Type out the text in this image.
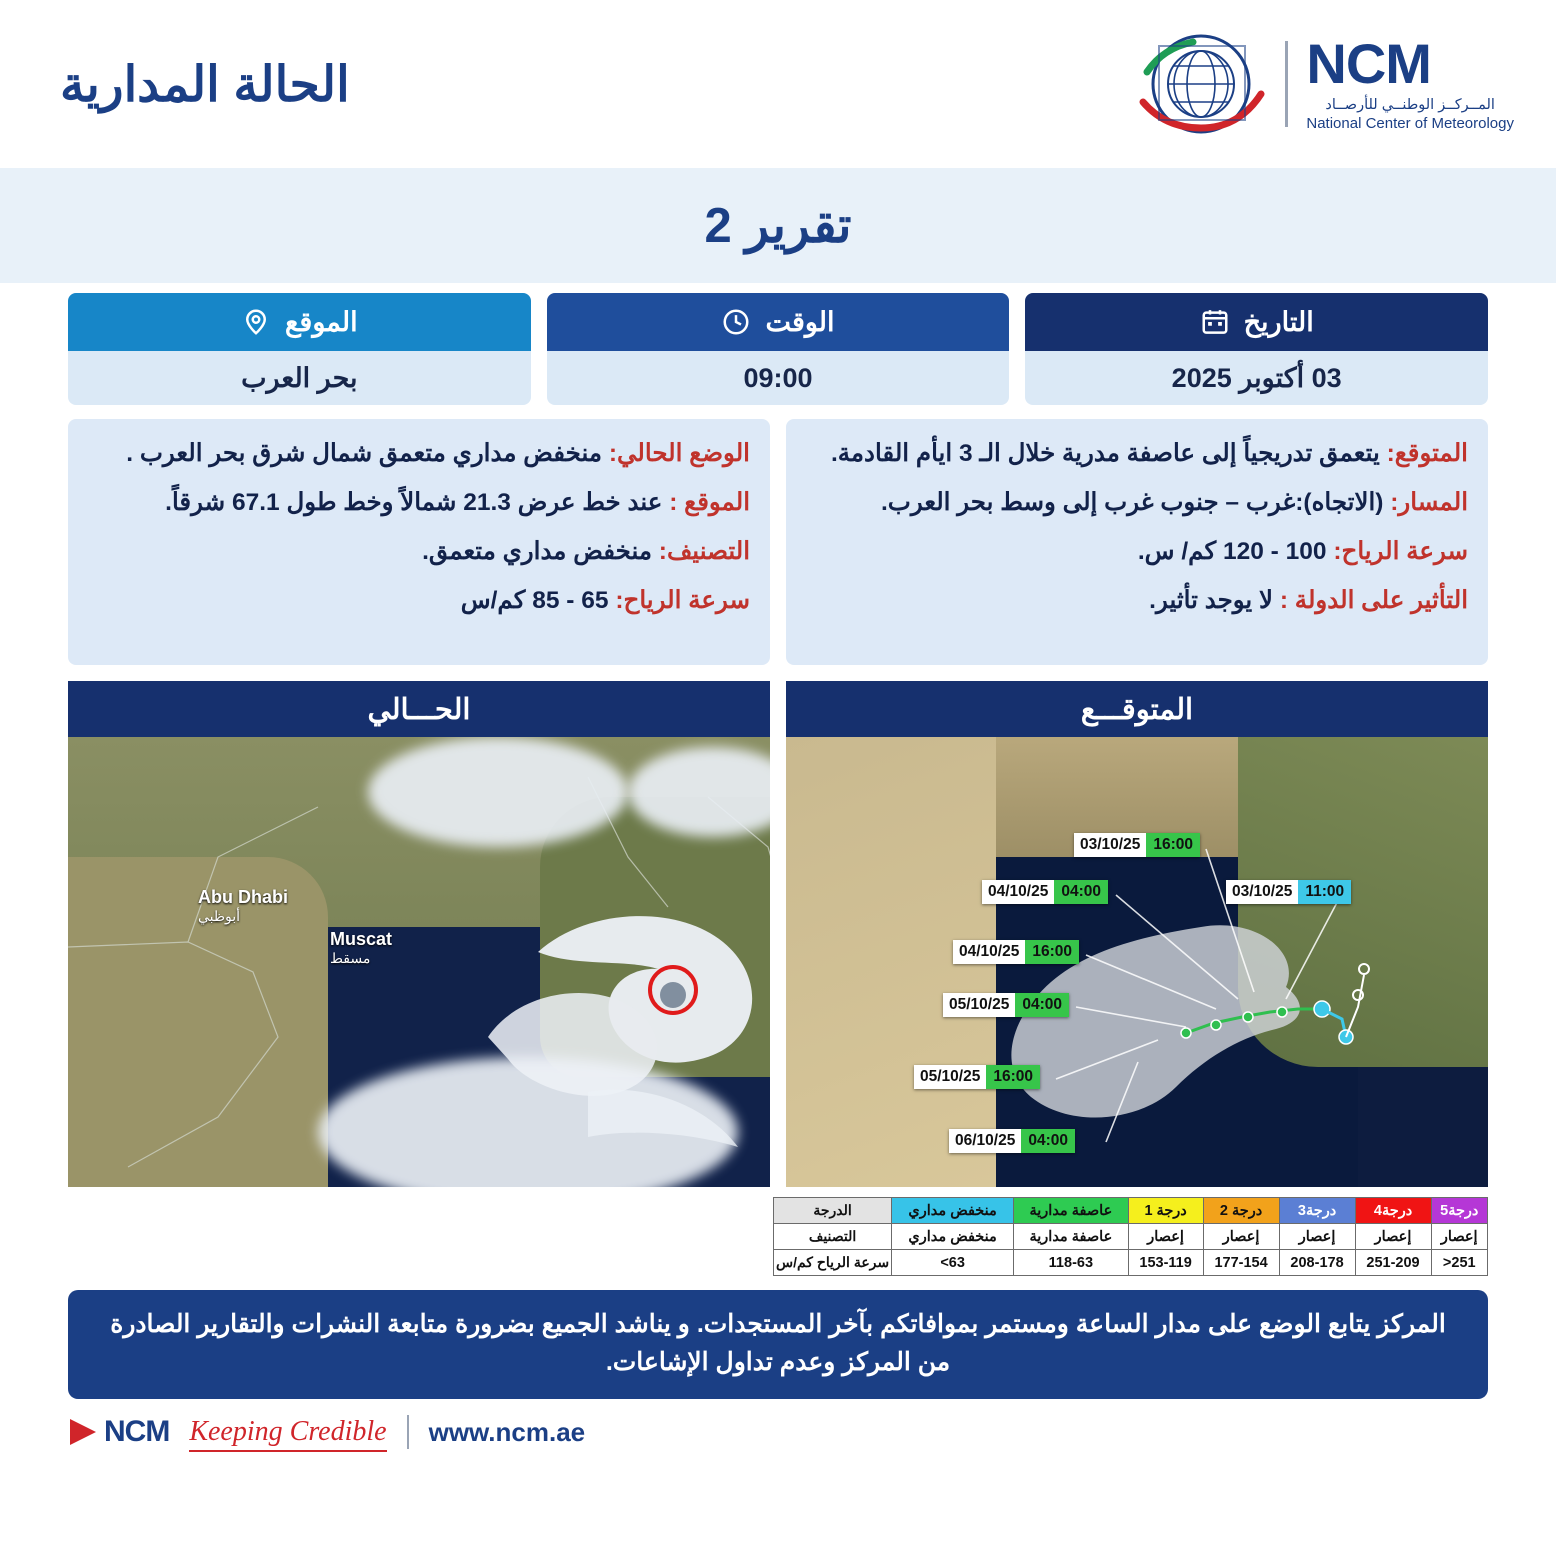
NCM
المــركــز الوطنــي للأرصــاد
National Center of Meteorology
الحالة المدارية
تقرير 2
التاريخ
03 أكتوبر 2025
الوقت
09:00
الموقع
بحر العرب

المتوقع: يتعمق تدريجياً إلى عاصفة مدرية خلال الـ 3 ايأم القادمة.

المسار: (الاتجاه):غرب – جنوب غرب إلى وسط بحر العرب.

سرعة الرياح: 100 - 120 كم/ س.

التأثير على الدولة : لا يوجد تأثير.

الوضع الحالي: منخفض مداري متعمق شمال شرق بحر العرب .

الموقع : عند خط عرض 21.3 شمالاً وخط طول 67.1 شرقاً.

التصنيف: منخفض مداري متعمق.

سرعة الرياح: 65 - 85 كم/س

المتوقـــع
03/10/25 16:00
04/10/25 04:00	03/10/25 11:00
04/10/25 16:00
05/10/25 04:00
05/10/25 16:00
06/10/25 04:00
الحـــالي
Abu Dhabi
أبوظبي
Muscat
مسقط
درجة5	درجة4	درجة3	درجة 2	درجة 1	عاصفة مدارية	منخفض مداري	الدرجة
إعصار	إعصار	إعصار	إعصار	إعصار	عاصفة مدارية	منخفض مداري	التصنيف
251<	251-209	208-178	177-154	153-119	118-63	63>	سرعة الرياح كم/س
المركز يتابع الوضع على مدار الساعة ومستمر بموافاتكم بآخر المستجدات. و يناشد الجميع بضرورة متابعة النشرات والتقارير الصادرة من المركز وعدم تداول الإشاعات.
NCM Keeping Credible www.ncm.ae
